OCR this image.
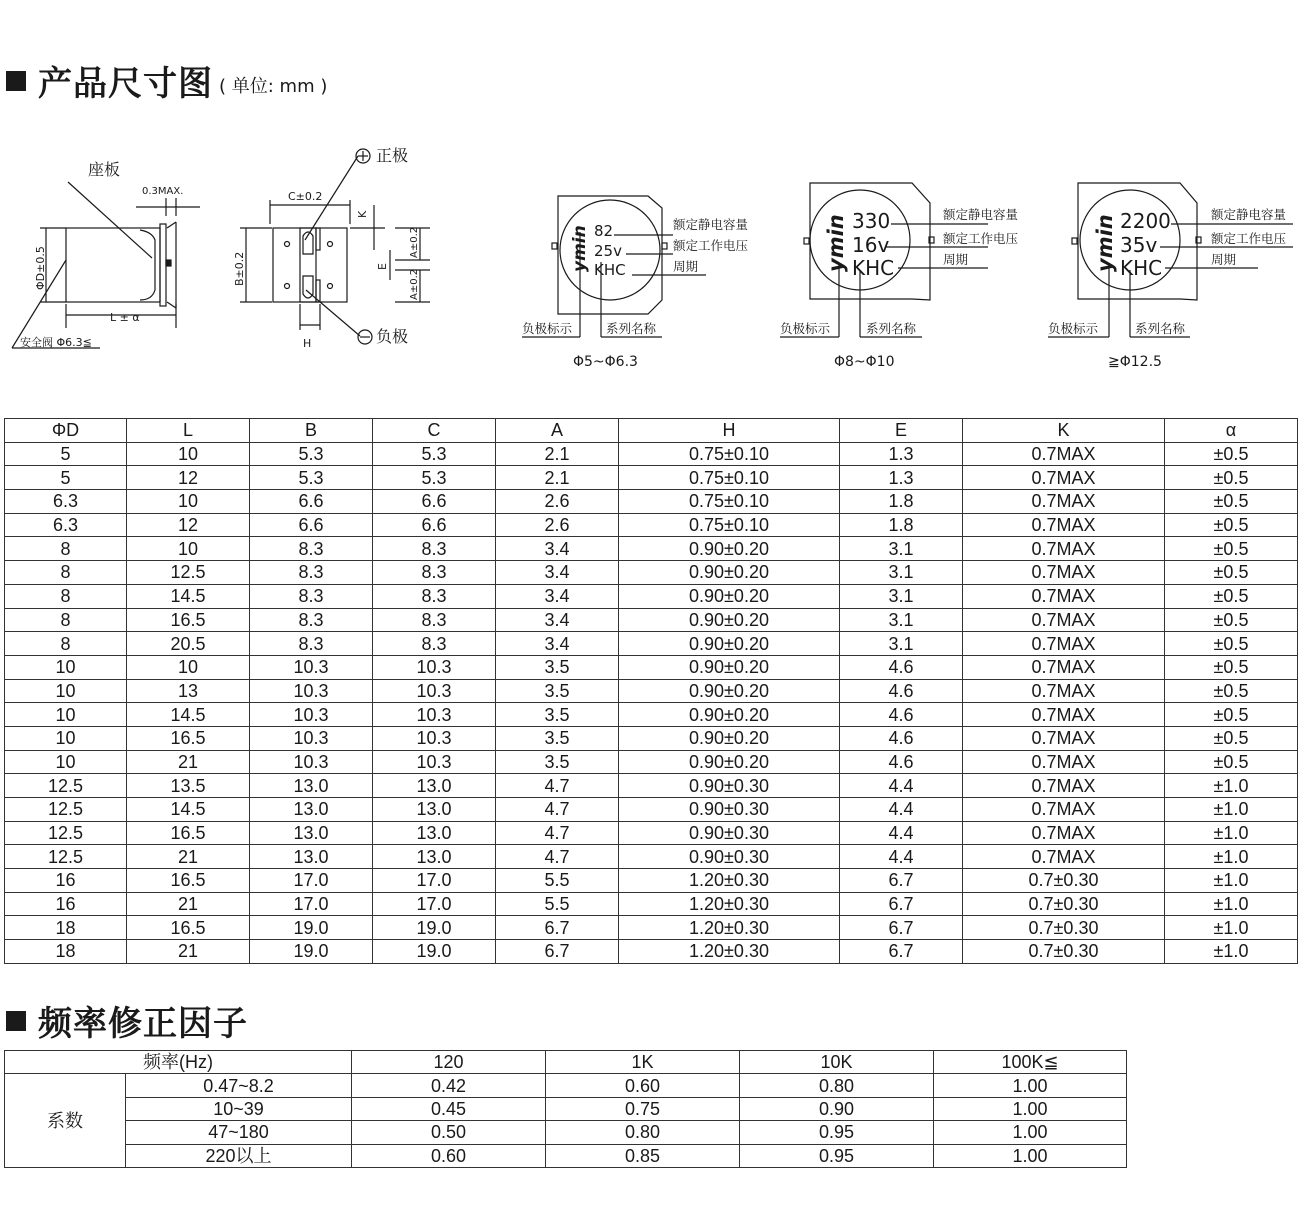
产品尺寸图 ( 单位: mm )
座板
0.3MAX.
ΦD±0.5
L ± α
安全阀 Φ6.3≦
C±0.2
K
B±0.2	E
A±0.2
A±0.2
H
正极
负极
ymin 82
25v
KHC
额定静电容量
额定工作电压
周期
负极标示	系列名称
Φ5~Φ6.3
ymin 330
16v
KHC
额定静电容量
额定工作电压
周期
负极标示	系列名称
Φ8~Φ10
ymin 2200
35v
KHC
额定静电容量
额定工作电压
周期
负极标示	系列名称
≧Φ12.5
ΦD	L	B	C	A	H	E	K	α
5	10	5.3	5.3	2.1	0.75±0.10	1.3	0.7MAX	±0.5
5	12	5.3	5.3	2.1	0.75±0.10	1.3	0.7MAX	±0.5
6.3	10	6.6	6.6	2.6	0.75±0.10	1.8	0.7MAX	±0.5
6.3	12	6.6	6.6	2.6	0.75±0.10	1.8	0.7MAX	±0.5
8	10	8.3	8.3	3.4	0.90±0.20	3.1	0.7MAX	±0.5
8	12.5	8.3	8.3	3.4	0.90±0.20	3.1	0.7MAX	±0.5
8	14.5	8.3	8.3	3.4	0.90±0.20	3.1	0.7MAX	±0.5
8	16.5	8.3	8.3	3.4	0.90±0.20	3.1	0.7MAX	±0.5
8	20.5	8.3	8.3	3.4	0.90±0.20	3.1	0.7MAX	±0.5
10	10	10.3	10.3	3.5	0.90±0.20	4.6	0.7MAX	±0.5
10	13	10.3	10.3	3.5	0.90±0.20	4.6	0.7MAX	±0.5
10	14.5	10.3	10.3	3.5	0.90±0.20	4.6	0.7MAX	±0.5
10	16.5	10.3	10.3	3.5	0.90±0.20	4.6	0.7MAX	±0.5
10	21	10.3	10.3	3.5	0.90±0.20	4.6	0.7MAX	±0.5
12.5	13.5	13.0	13.0	4.7	0.90±0.30	4.4	0.7MAX	±1.0
12.5	14.5	13.0	13.0	4.7	0.90±0.30	4.4	0.7MAX	±1.0
12.5	16.5	13.0	13.0	4.7	0.90±0.30	4.4	0.7MAX	±1.0
12.5	21	13.0	13.0	4.7	0.90±0.30	4.4	0.7MAX	±1.0
16	16.5	17.0	17.0	5.5	1.20±0.30	6.7	0.7±0.30	±1.0
16	21	17.0	17.0	5.5	1.20±0.30	6.7	0.7±0.30	±1.0
18	16.5	19.0	19.0	6.7	1.20±0.30	6.7	0.7±0.30	±1.0
18	21	19.0	19.0	6.7	1.20±0.30	6.7	0.7±0.30	±1.0
频率修正因子
频率(Hz)		120	1K	10K	100K≦
系数	0.47~8.2	0.42	0.60	0.80	1.00
	10~39	0.45	0.75	0.90	1.00
	47~180	0.50	0.80	0.95	1.00
	220以上	0.60	0.85	0.95	1.00
